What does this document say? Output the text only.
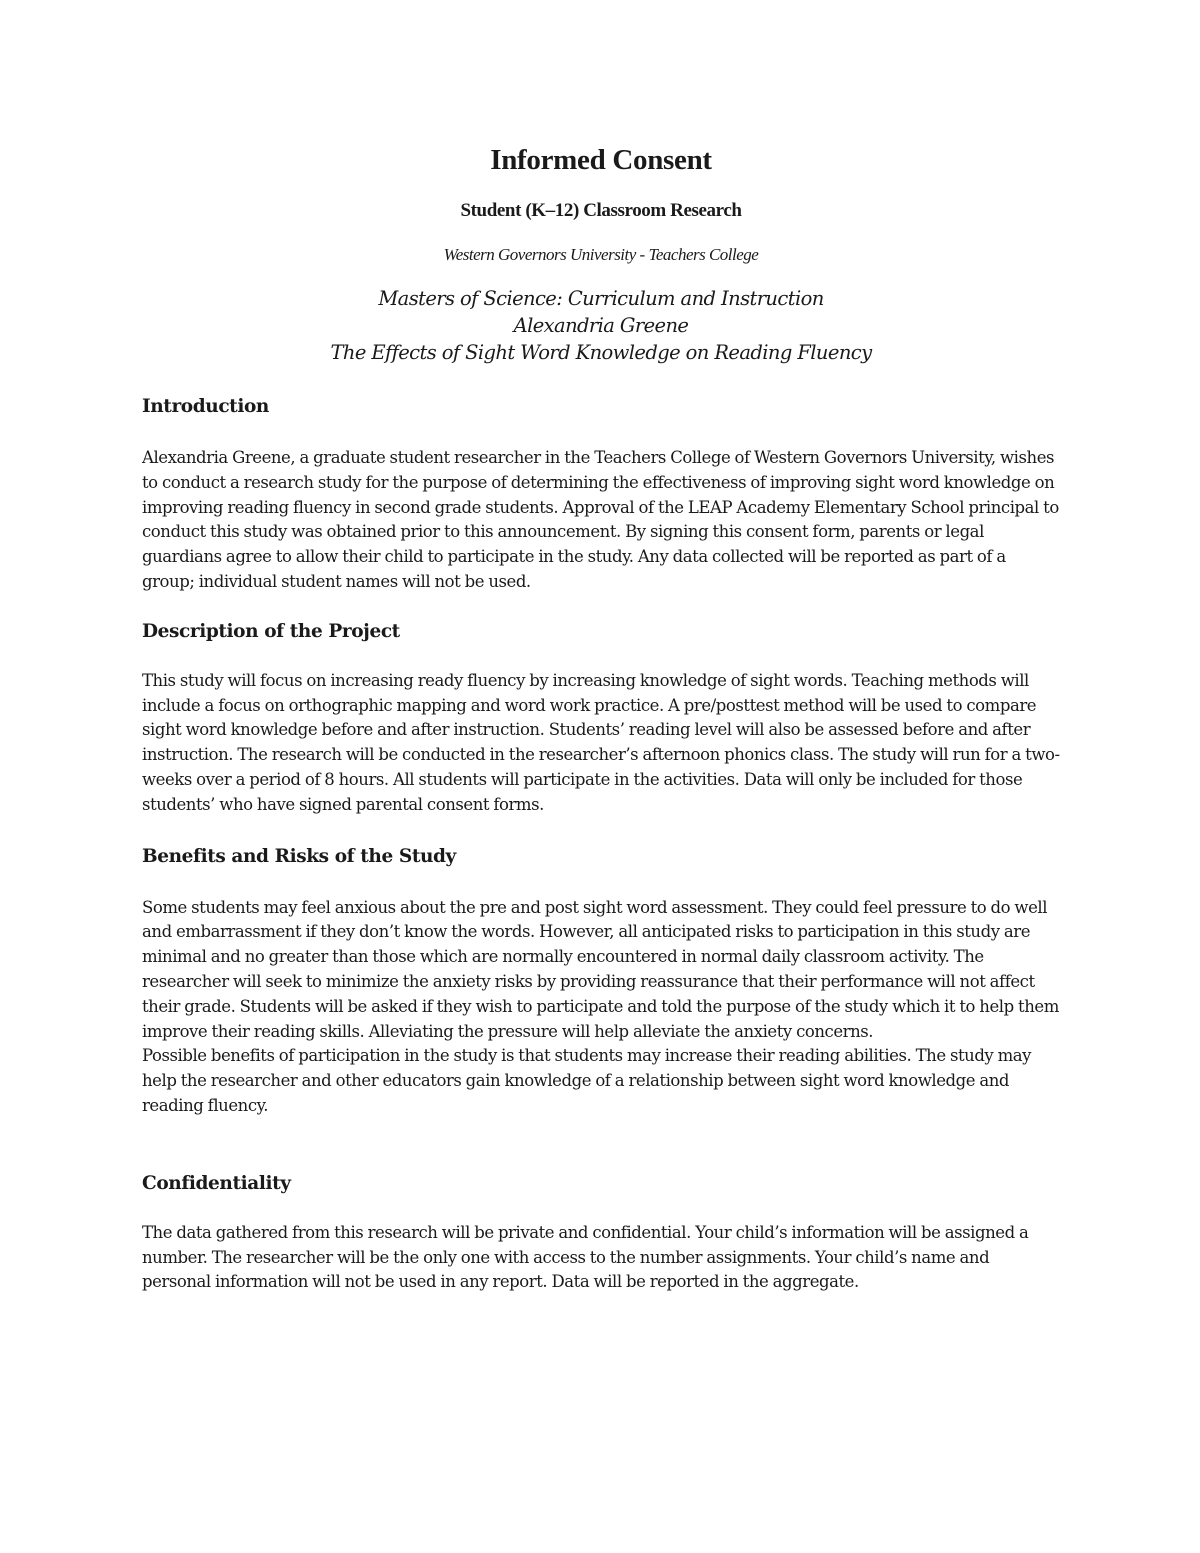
Informed Consent
Student (K–12) Classroom Research
Western Governors University - Teachers College
Masters of Science: Curriculum and Instruction
Alexandria Greene
The Effects of Sight Word Knowledge on Reading Fluency
Introduction

Alexandria Greene, a graduate student researcher in the Teachers College of Western Governors University, wishes to conduct a research study for the purpose of determining the effectiveness of improving sight word knowledge on improving reading fluency in second grade students. Approval of the LEAP Academy Elementary School principal to conduct this study was obtained prior to this announcement. By signing this consent form, parents or legal guardians agree to allow their child to participate in the study. Any data collected will be reported as part of a group; individual student names will not be used.

Description of the Project

This study will focus on increasing ready fluency by increasing knowledge of sight words. Teaching methods will include a focus on orthographic mapping and word work practice. A pre/posttest method will be used to compare sight word knowledge before and after instruction. Students’ reading level will also be assessed before and after instruction. The research will be conducted in the researcher’s afternoon phonics class. The study will run for a two-weeks over a period of 8 hours. All students will participate in the activities. Data will only be included for those students’ who have signed parental consent forms.

Benefits and Risks of the Study

Some students may feel anxious about the pre and post sight word assessment. They could feel pressure to do well and embarrassment if they don’t know the words. However, all anticipated risks to participation in this study are minimal and no greater than those which are normally encountered in normal daily classroom activity. The researcher will seek to minimize the anxiety risks by providing reassurance that their performance will not affect their grade. Students will be asked if they wish to participate and told the purpose of the study which it to help them improve their reading skills. Alleviating the pressure will help alleviate the anxiety concerns.

Possible benefits of participation in the study is that students may increase their reading abilities. The study may help the researcher and other educators gain knowledge of a relationship between sight word knowledge and reading fluency.

Confidentiality

The data gathered from this research will be private and confidential. Your child’s information will be assigned a number. The researcher will be the only one with access to the number assignments. Your child’s name and personal information will not be used in any report. Data will be reported in the aggregate.
